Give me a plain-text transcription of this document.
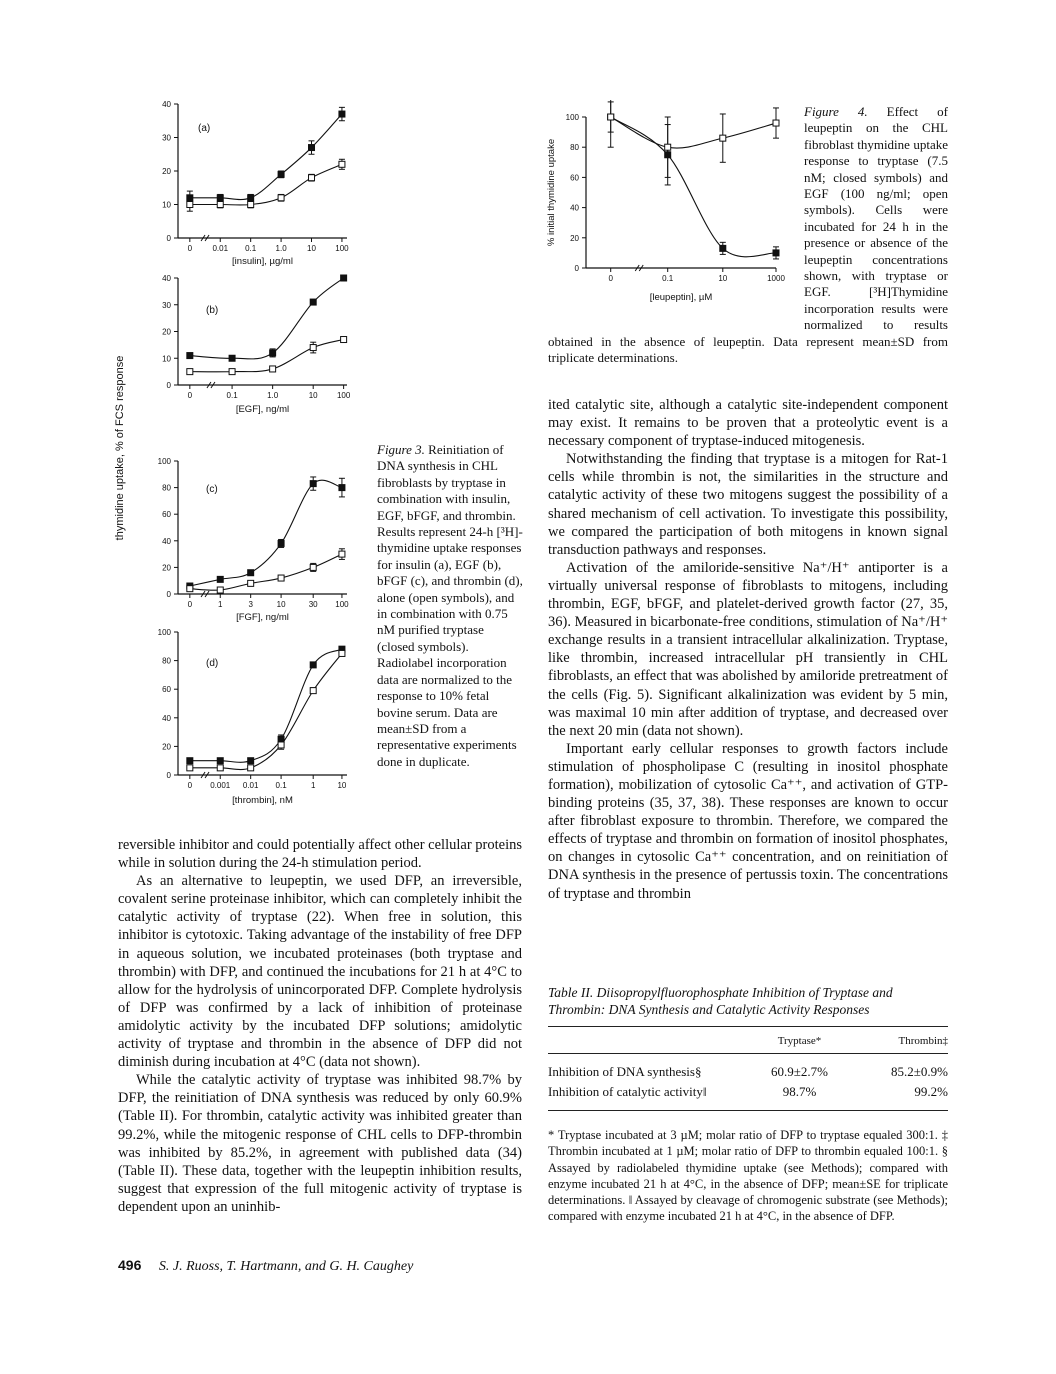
thymidine uptake, % of FCS response
0
10
20
30
40
0	0.01 0.1 1.0	10 100
[insulin], µg/ml
(a)
0
10
20
30
40
0	0.1	1.0	10 100
[EGF], ng/ml
(b)
0
20
40
60
80
100
0	1	3	10	30 100
[FGF], ng/ml
(c)
0
20
40
60
80
100
0 0.001 0.01 0.1	1	10
[thrombin], nM
(d)
Figure 3. Reinitiation of DNA synthesis in CHL fibroblasts by tryptase in combination with insulin, EGF, bFGF, and thrombin. Results represent 24-h [³H]-thymidine uptake responses for insulin (a), EGF (b), bFGF (c), and thrombin (d), alone (open symbols), and in combination with 0.75 nM purified tryptase (closed symbols). Radiolabel incorporation data are normalized to the response to 10% fetal bovine serum. Data are mean±SD from a representative experiments done in duplicate.
0
20
40
60
80
100
0	0.1	10	1000
[leupeptin], µM
% initial thymidine uptake
Figure 4. Effect of leupeptin on the CHL fibroblast thymidine uptake response to tryptase (7.5 nM; closed symbols) and EGF (100 ng/ml; open symbols). Cells were incubated for 24 h in the presence or absence of the leupeptin concentrations shown, with tryptase or EGF. [³H]Thymidine incorporation results were normalized to results obtained in the absence of leupeptin. Data represent mean±SD from triplicate determinations.

reversible inhibitor and could potentially affect other cellular proteins while in solution during the 24-h stimulation period.

As an alternative to leupeptin, we used DFP, an irreversible, covalent serine proteinase inhibitor, which can completely inhibit the catalytic activity of tryptase (22). When free in solution, this inhibitor is cytotoxic. Taking advantage of the instability of free DFP in aqueous solution, we incubated proteinases (both tryptase and thrombin) with DFP, and continued the incubations for 21 h at 4°C to allow for the hydrolysis of unincorporated DFP. Complete hydrolysis of DFP was confirmed by a lack of inhibition of proteinase amidolytic activity by the incubated DFP solutions; amidolytic activity of tryptase and thrombin in the absence of DFP did not diminish during incubation at 4°C (data not shown).

While the catalytic activity of tryptase was inhibited 98.7% by DFP, the reinitiation of DNA synthesis was reduced by only 60.9% (Table II). For thrombin, catalytic activity was inhibited greater than 99.2%, while the mitogenic response of CHL cells to DFP-thrombin was inhibited by 85.2%, in agreement with published data (34) (Table II). These data, together with the leupeptin inhibition results, suggest that expression of the full mitogenic activity of tryptase is dependent upon an uninhib-

ited catalytic site, although a catalytic site-independent component may exist. It remains to be proven that a proteolytic event is a necessary component of tryptase-induced mitogenesis.

Notwithstanding the finding that tryptase is a mitogen for Rat-1 cells while thrombin is not, the similarities in the structure and catalytic activity of these two mitogens suggest the possibility of a shared mechanism of cell activation. To investigate this possibility, we compared the participation of both mitogens in known signal transduction pathways and responses.

Activation of the amiloride-sensitive Na⁺/H⁺ antiporter is a virtually universal response of fibroblasts to mitogens, including thrombin, EGF, bFGF, and platelet-derived growth factor (27, 35, 36). Measured in bicarbonate-free conditions, stimulation of Na⁺/H⁺ exchange results in a transient intracellular alkalinization. Tryptase, like thrombin, increased intracellular pH transiently in CHL fibroblasts, an effect that was abolished by amiloride pretreatment of the cells (Fig. 5). Significant alkalinization was evident by 5 min, was maximal 10 min after addition of tryptase, and decreased over the next 20 min (data not shown).

Important early cellular responses to growth factors include stimulation of phospholipase C (resulting in inositol phosphate formation), mobilization of cytosolic Ca⁺⁺, and activation of GTP-binding proteins (35, 37, 38). These responses are known to occur after fibroblast exposure to thrombin. Therefore, we compared the effects of tryptase and thrombin on formation of inositol phosphates, on changes in cytosolic Ca⁺⁺ concentration, and on reinitiation of DNA synthesis in the presence of pertussis toxin. The concentrations of tryptase and thrombin

Table II. Diisopropylfluorophosphate Inhibition of Tryptase and Thrombin: DNA Synthesis and Catalytic Activity Responses
	Tryptase*	Thrombin‡
Inhibition of DNA synthesis§	60.9±2.7%	85.2±0.9%
Inhibition of catalytic activity‖	98.7%	99.2%
* Tryptase incubated at 3 µM; molar ratio of DFP to tryptase equaled 300:1. ‡ Thrombin incubated at 1 µM; molar ratio of DFP to thrombin equaled 100:1. § Assayed by radiolabeled thymidine uptake (see Methods); compared with enzyme incubated 21 h at 4°C, in the absence of DFP; mean±SE for triplicate determinations. ‖ Assayed by cleavage of chromogenic substrate (see Methods); compared with enzyme incubated 21 h at 4°C, in the absence of DFP.
496 S. J. Ruoss, T. Hartmann, and G. H. Caughey
